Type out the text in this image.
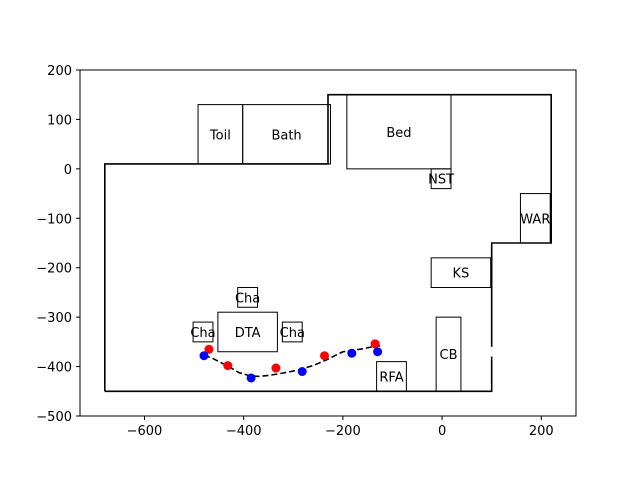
Toil	Bath	Bed
NST
WAR
KS
Cha
DTA
Cha	Cha
CB
RFA
−600	−400	−200	0	200
200
100
0
−100
−200
−300
−400
−500
